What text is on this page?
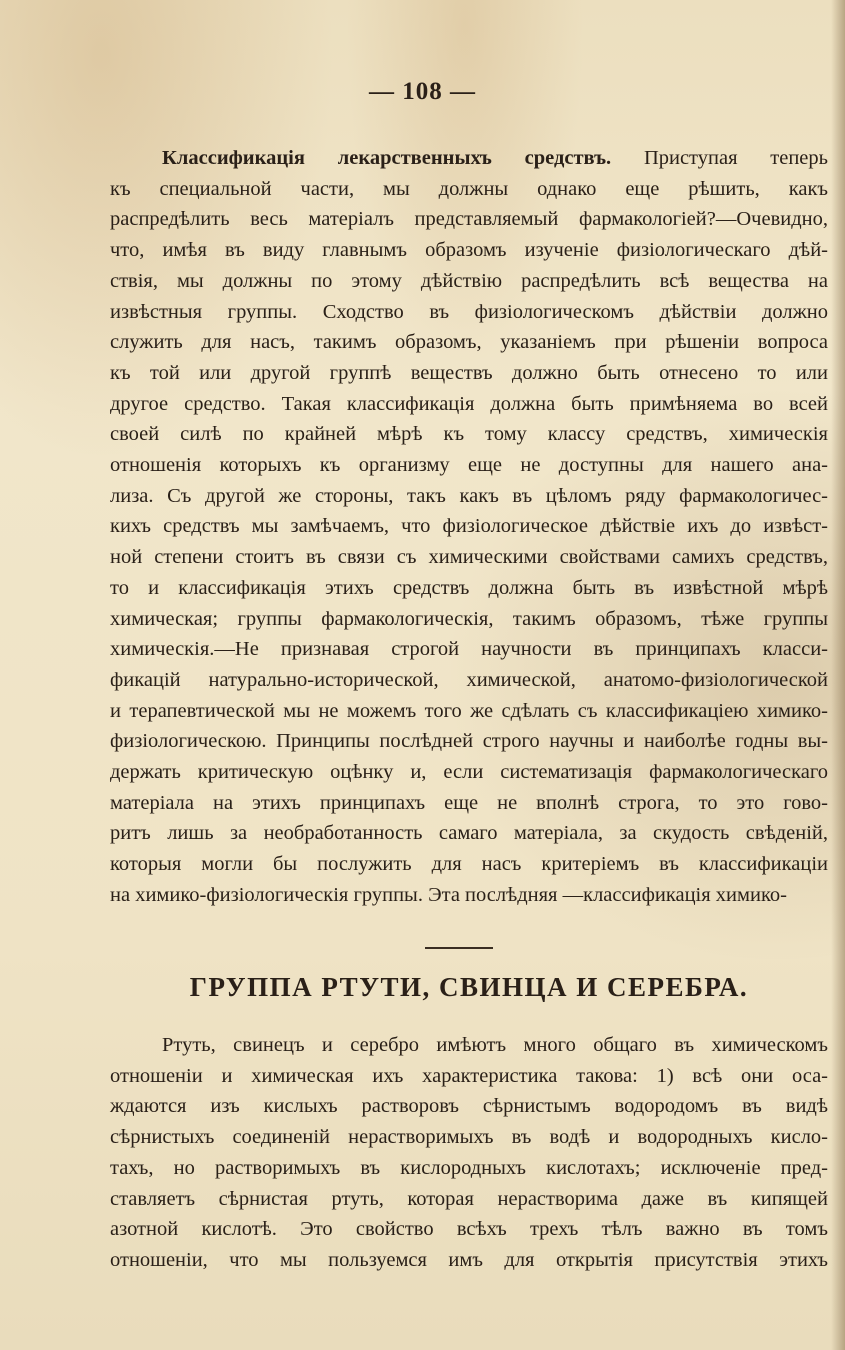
— 108 —
Классификація лекарственныхъ средствъ. Приступая теперь
къ специальной части, мы должны однако еще рѣшить, какъ
распредѣлить весь матеріалъ представляемый фармакологіей?—Очевидно,
что, имѣя въ виду главнымъ образомъ изученіе физіологическаго дѣй-
ствія, мы должны по этому дѣйствію распредѣлить всѣ вещества на
извѣстныя группы. Сходство въ физіологическомъ дѣйствіи должно
служить для насъ, такимъ образомъ, указаніемъ при рѣшеніи вопроса
къ той или другой группѣ веществъ должно быть отнесено то или
другое средство. Такая классификація должна быть примѣняема во всей
своей силѣ по крайней мѣрѣ къ тому классу средствъ, химическія
отношенія которыхъ къ организму еще не доступны для нашего ана-
лиза. Съ другой же стороны, такъ какъ въ цѣломъ ряду фармакологичес-
кихъ средствъ мы замѣчаемъ, что физіологическое дѣйствіе ихъ до извѣст-
ной степени стоитъ въ связи съ химическими свойствами самихъ средствъ,
то и классификація этихъ средствъ должна быть въ извѣстной мѣрѣ
химическая; группы фармакологическія, такимъ образомъ, тѣже группы
химическія.—Не признавая строгой научности въ принципахъ класси-
фикацій натурально-исторической, химической, анатомо-физіологической
и терапевтической мы не можемъ того же сдѣлать съ классификаціею химико-
физіологическою. Принципы послѣдней строго научны и наиболѣе годны вы-
держать критическую оцѣнку и, если систематизація фармакологическаго
матеріала на этихъ принципахъ еще не вполнѣ строга, то это гово-
ритъ лишь за необработанность самаго матеріала, за скудость свѣденій,
которыя могли бы послужить для насъ критеріемъ въ классификаціи
на химико-физіологическія группы. Эта послѣдняя —классификація химико-
ГРУППА РТУТИ, СВИНЦА И СЕРЕБРА.
Ртуть, свинецъ и серебро имѣютъ много общаго въ химическомъ
отношеніи и химическая ихъ характеристика такова: 1) всѣ они оса-
ждаются изъ кислыхъ растворовъ сѣрнистымъ водородомъ въ видѣ
сѣрнистыхъ соединеній нерастворимыхъ въ водѣ и водородныхъ кисло-
тахъ, но растворимыхъ въ кислородныхъ кислотахъ; исключеніе пред-
ставляетъ сѣрнистая ртуть, которая нерастворима даже въ кипящей
азотной кислотѣ. Это свойство всѣхъ трехъ тѣлъ важно въ томъ
отношеніи, что мы пользуемся имъ для открытія присутствія этихъ
